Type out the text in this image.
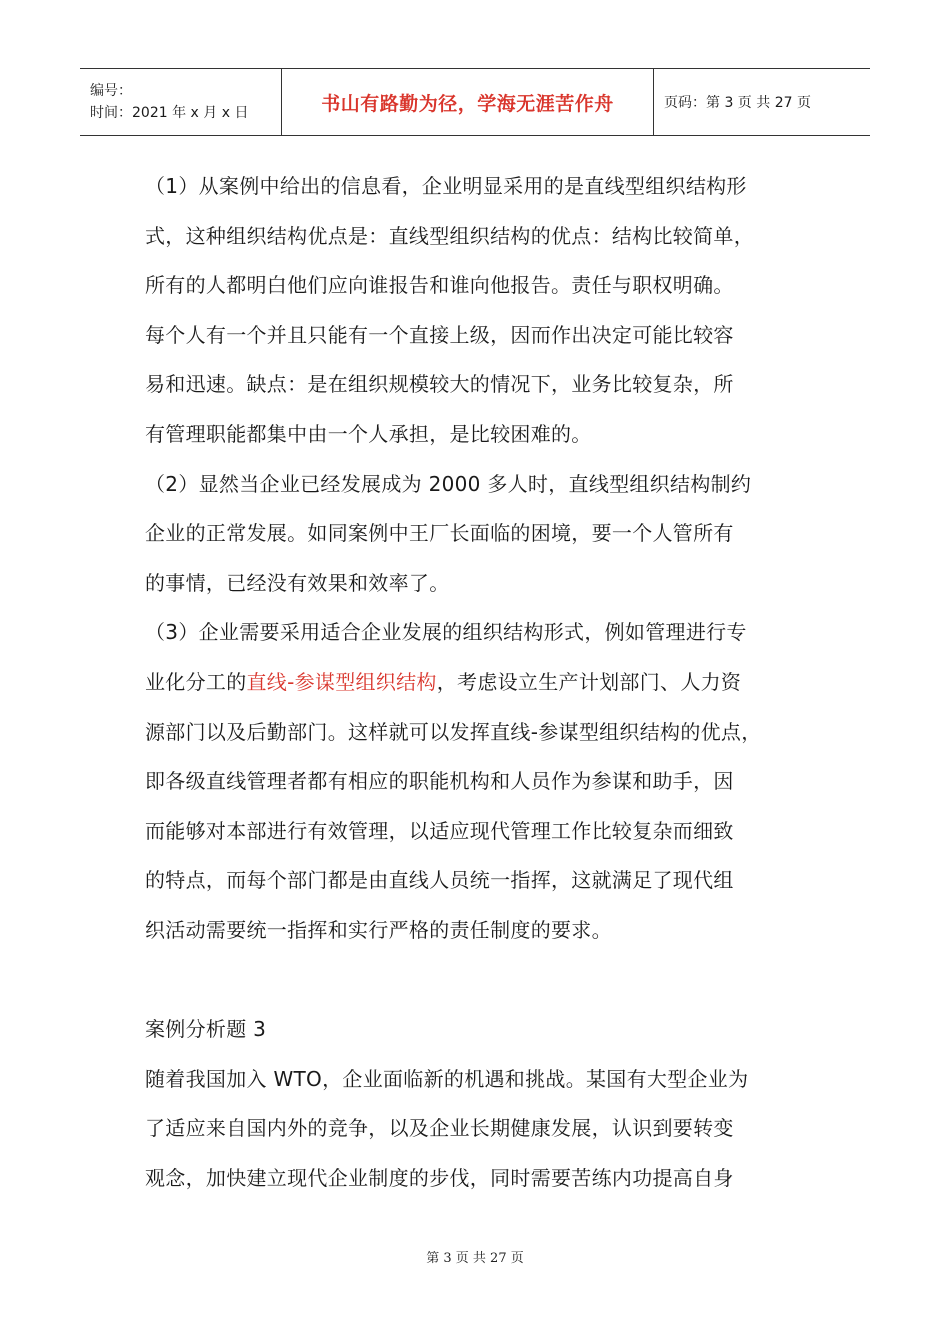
编号：
时间：2021 年 x 月 x 日	书山有路勤为径，学海无涯苦作舟	页码：第 3 页 共 27 页

（1）从案例中给出的信息看，企业明显采用的是直线型组织结构形

式，这种组织结构优点是：直线型组织结构的优点：结构比较简单，

所有的人都明白他们应向谁报告和谁向他报告。责任与职权明确。

每个人有一个并且只能有一个直接上级，因而作出决定可能比较容

易和迅速。缺点：是在组织规模较大的情况下，业务比较复杂，所

有管理职能都集中由一个人承担，是比较困难的。

（2）显然当企业已经发展成为 2000 多人时，直线型组织结构制约

企业的正常发展。如同案例中王厂长面临的困境，要一个人管所有

的事情，已经没有效果和效率了。

（3）企业需要采用适合企业发展的组织结构形式，例如管理进行专

业化分工的直线-参谋型组织结构，考虑设立生产计划部门、人力资

源部门以及后勤部门。这样就可以发挥直线-参谋型组织结构的优点，

即各级直线管理者都有相应的职能机构和人员作为参谋和助手，因

而能够对本部进行有效管理，以适应现代管理工作比较复杂而细致

的特点，而每个部门都是由直线人员统一指挥，这就满足了现代组

织活动需要统一指挥和实行严格的责任制度的要求。

案例分析题 3

随着我国加入 WTO，企业面临新的机遇和挑战。某国有大型企业为

了适应来自国内外的竞争，以及企业长期健康发展，认识到要转变

观念，加快建立现代企业制度的步伐，同时需要苦练内功提高自身

第 3 页 共 27 页
